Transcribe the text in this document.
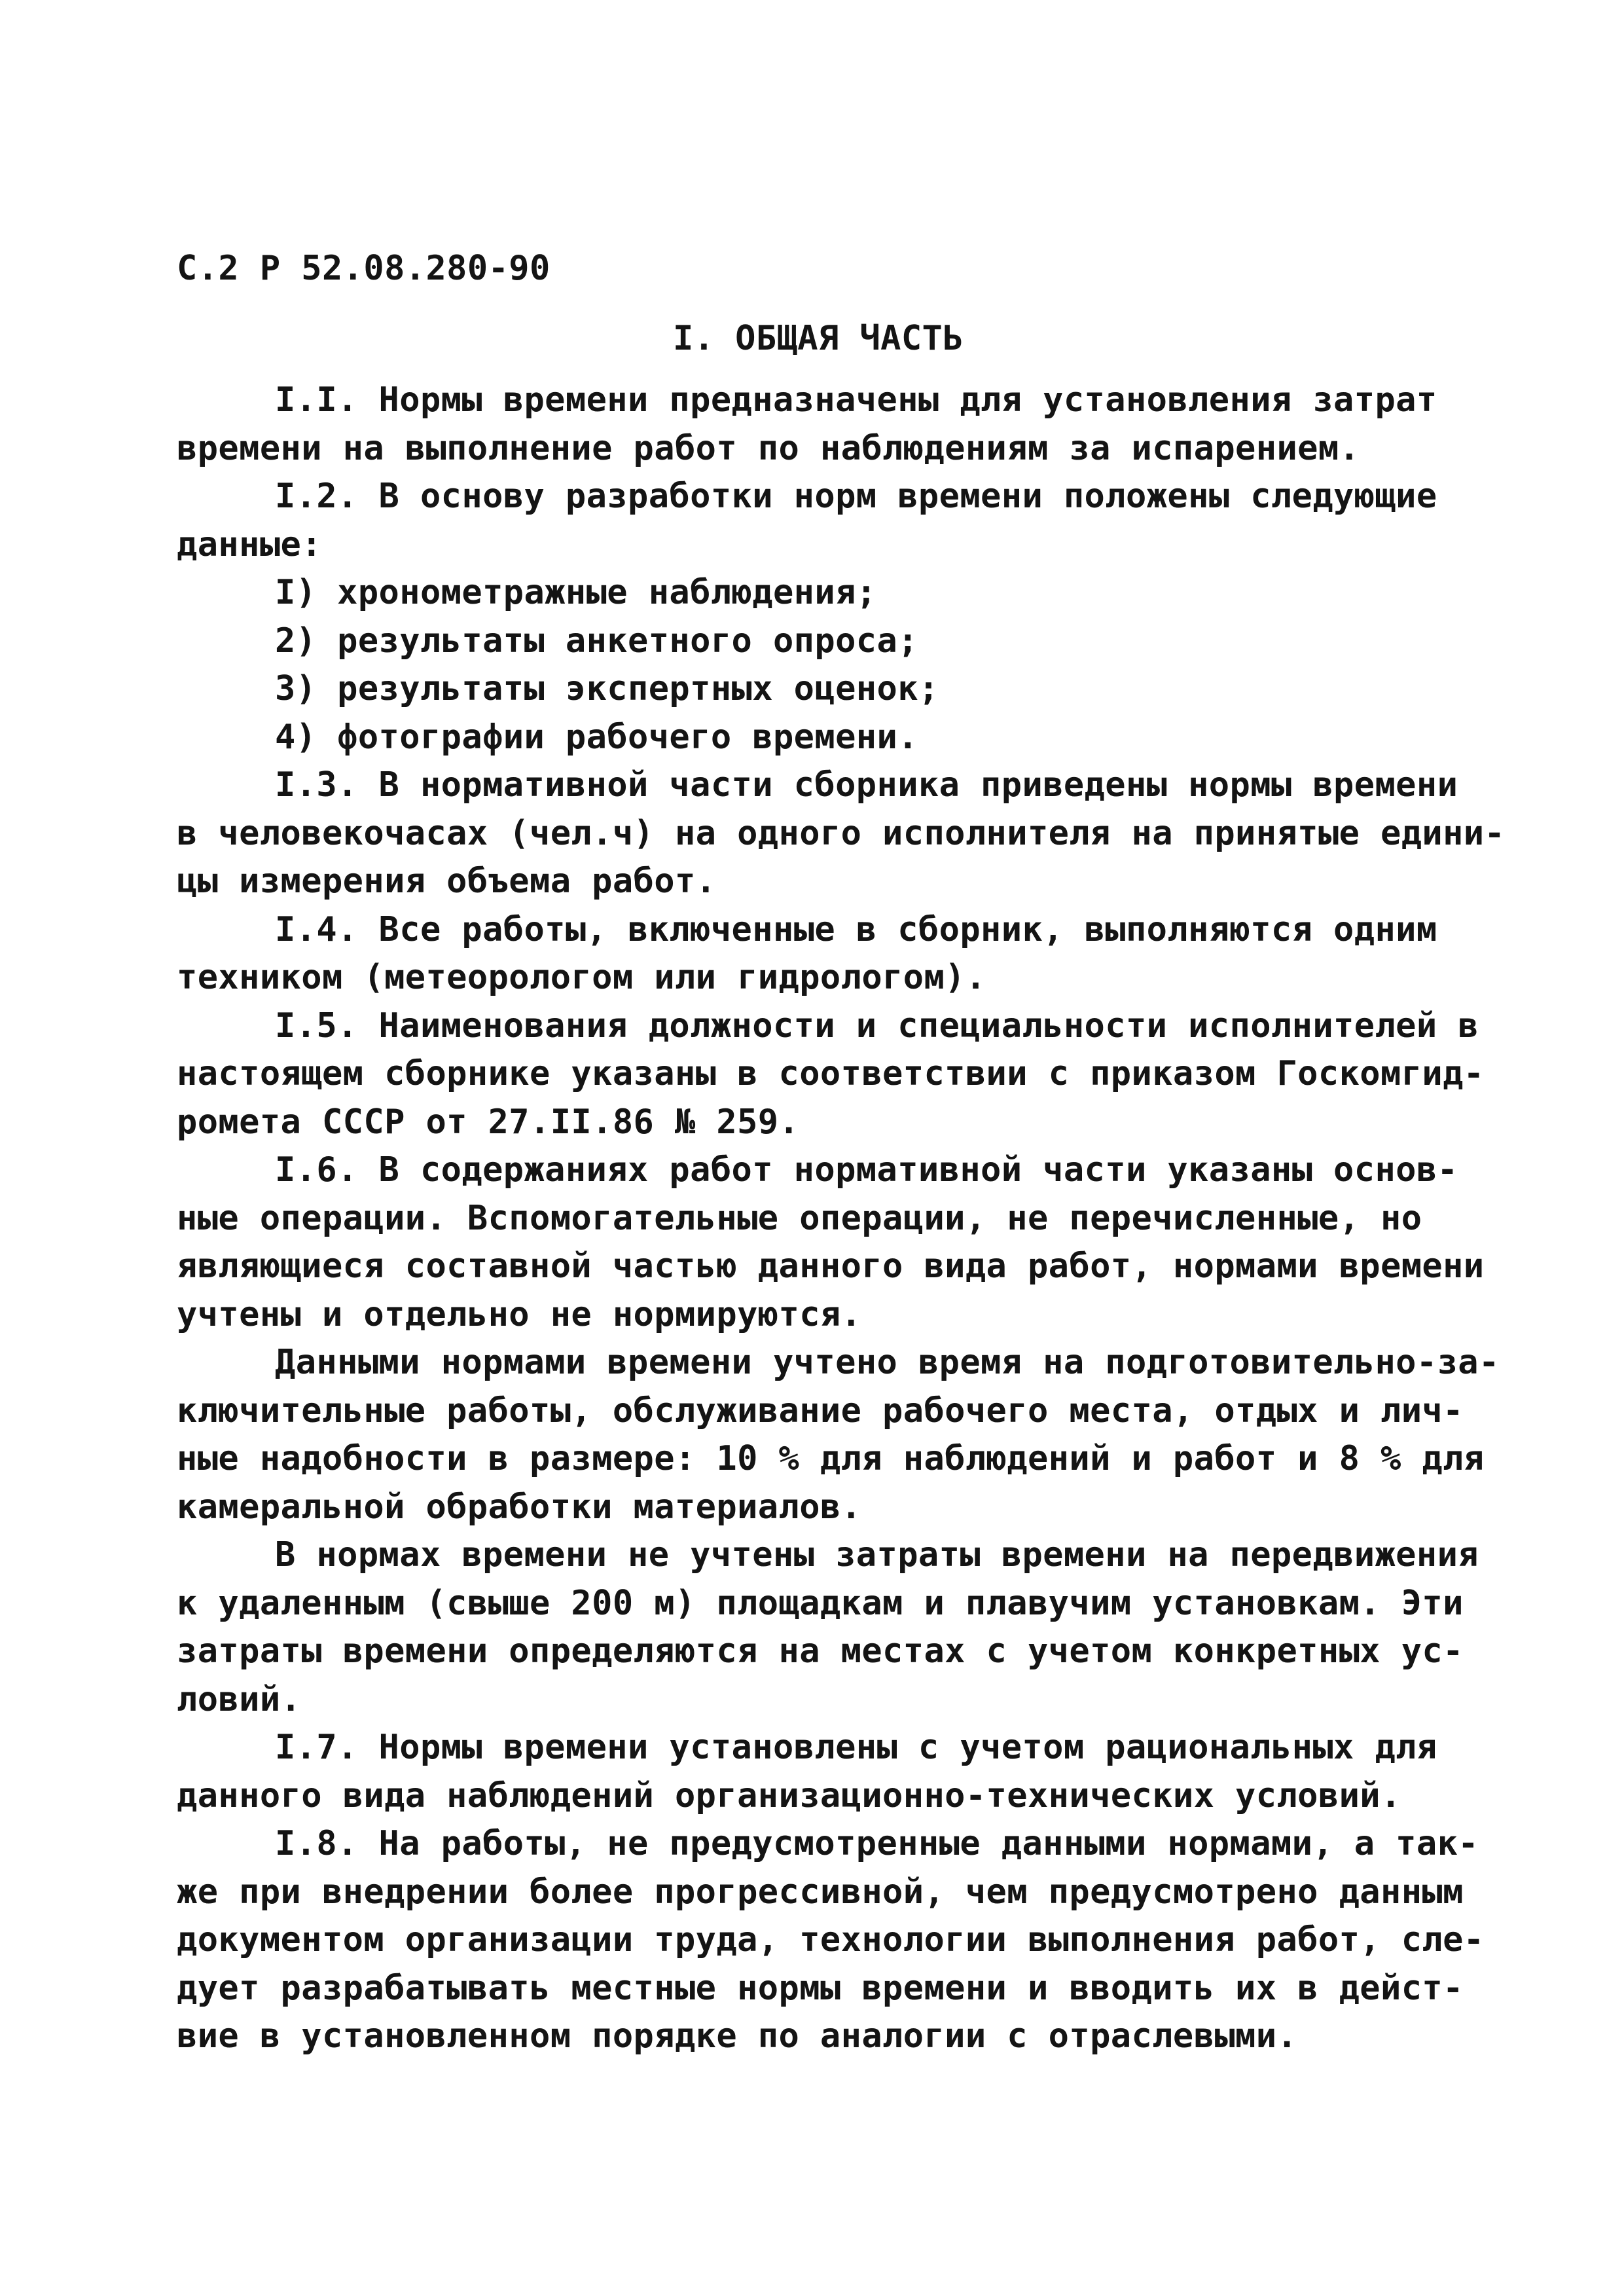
С.2 Р 52.08.280-90
I. ОБЩАЯ ЧАСТЬ
I.I. Нормы времени предназначены для установления затрат
времени на выполнение работ по наблюдениям за испарением.
I.2. В основу разработки норм времени положены следующие
данные:
I) хронометражные наблюдения;
2) результаты анкетного опроса;
3) результаты экспертных оценок;
4) фотографии рабочего времени.
I.3. В нормативной части сборника приведены нормы времени
в человекочасах (чел.ч) на одного исполнителя на принятые едини-
цы измерения объема работ.
I.4. Все работы, включенные в сборник, выполняются одним
техником (метеорологом или гидрологом).
I.5. Наименования должности и специальности исполнителей в
настоящем сборнике указаны в соответствии с приказом Госкомгид-
ромета СССР от 27.II.86 № 259.
I.6. В содержаниях работ нормативной части указаны основ-
ные операции. Вспомогательные операции, не перечисленные, но
являющиеся составной частью данного вида работ, нормами времени
учтены и отдельно не нормируются.
Данными нормами времени учтено время на подготовительно-за-
ключительные работы, обслуживание рабочего места, отдых и лич-
ные надобности в размере: 10 % для наблюдений и работ и 8 % для
камеральной обработки материалов.
В нормах времени не учтены затраты времени на передвижения
к удаленным (свыше 200 м) площадкам и плавучим установкам. Эти
затраты времени определяются на местах с учетом конкретных ус-
ловий.
I.7. Нормы времени установлены с учетом рациональных для
данного вида наблюдений организационно-технических условий.
I.8. На работы, не предусмотренные данными нормами, а так-
же при внедрении более прогрессивной, чем предусмотрено данным
документом организации труда, технологии выполнения работ, сле-
дует разрабатывать местные нормы времени и вводить их в дейст-
вие в установленном порядке по аналогии с отраслевыми.
